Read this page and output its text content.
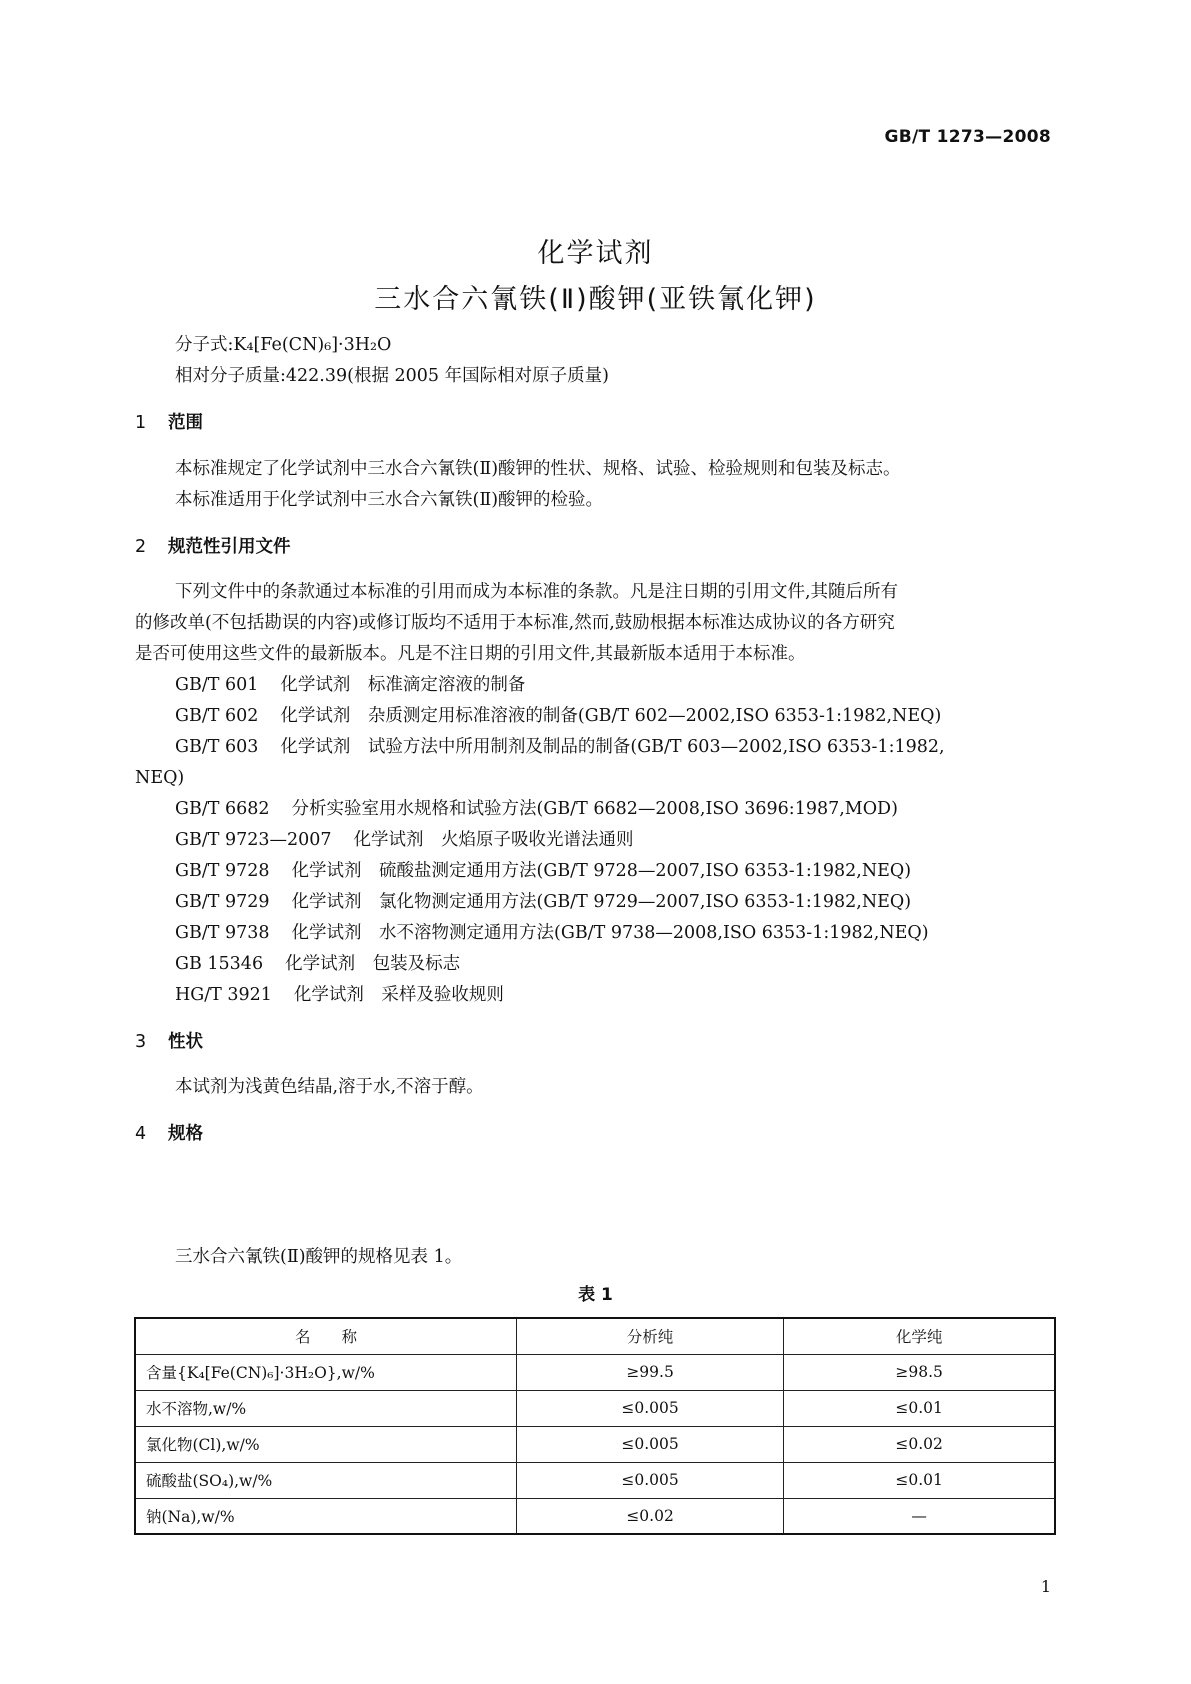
GB/T 1273—2008
化学试剂
三水合六氰铁(Ⅱ)酸钾(亚铁氰化钾)
分子式:K₄[Fe(CN)₆]·3H₂O
相对分子质量:422.39(根据 2005 年国际相对原子质量)
1 范围
本标准规定了化学试剂中三水合六氰铁(Ⅱ)酸钾的性状、规格、试验、检验规则和包装及标志。
本标准适用于化学试剂中三水合六氰铁(Ⅱ)酸钾的检验。
2 规范性引用文件
下列文件中的条款通过本标准的引用而成为本标准的条款。凡是注日期的引用文件,其随后所有
的修改单(不包括勘误的内容)或修订版均不适用于本标准,然而,鼓励根据本标准达成协议的各方研究
是否可使用这些文件的最新版本。凡是不注日期的引用文件,其最新版本适用于本标准。
GB/T 601 化学试剂　标准滴定溶液的制备
GB/T 602 化学试剂　杂质测定用标准溶液的制备(GB/T 602—2002,ISO 6353-1:1982,NEQ)
GB/T 603 化学试剂　试验方法中所用制剂及制品的制备(GB/T 603—2002,ISO 6353-1:1982,
NEQ)
GB/T 6682 分析实验室用水规格和试验方法(GB/T 6682—2008,ISO 3696:1987,MOD)
GB/T 9723—2007 化学试剂　火焰原子吸收光谱法通则
GB/T 9728 化学试剂　硫酸盐测定通用方法(GB/T 9728—2007,ISO 6353-1:1982,NEQ)
GB/T 9729 化学试剂　氯化物测定通用方法(GB/T 9729—2007,ISO 6353-1:1982,NEQ)
GB/T 9738 化学试剂　水不溶物测定通用方法(GB/T 9738—2008,ISO 6353-1:1982,NEQ)
GB 15346 化学试剂　包装及标志
HG/T 3921 化学试剂　采样及验收规则
3 性状
本试剂为浅黄色结晶,溶于水,不溶于醇。
4 规格
三水合六氰铁(Ⅱ)酸钾的规格见表 1。
表 1
名　　称	分析纯	化学纯
含量{K₄[Fe(CN)₆]·3H₂O},w/%	≥99.5	≥98.5
水不溶物,w/%	≤0.005	≤0.01
氯化物(Cl),w/%	≤0.005	≤0.02
硫酸盐(SO₄),w/%	≤0.005	≤0.01
钠(Na),w/%	≤0.02	—
1
